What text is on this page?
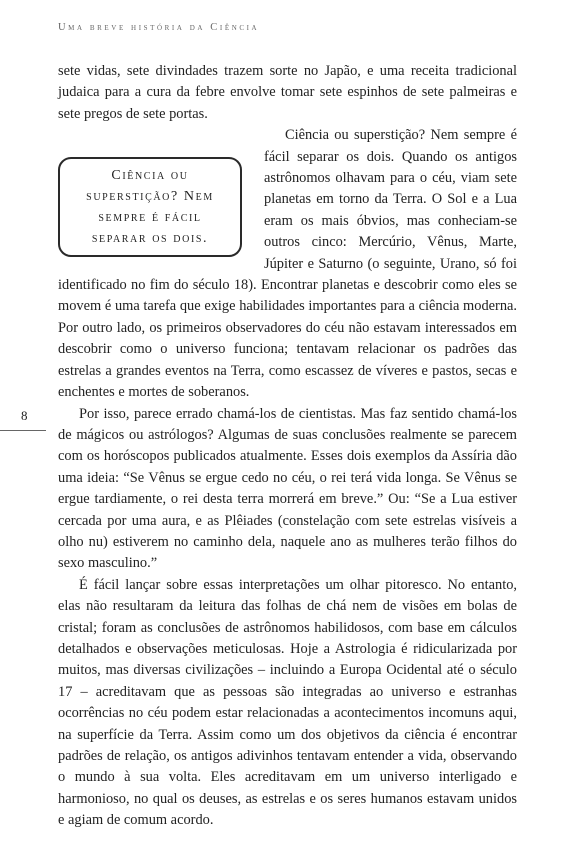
Uma breve história da Ciência
8

sete vidas, sete divindades trazem sorte no Japão, e uma receita tradicional judaica para a cura da febre envolve tomar sete espinhos de sete palmeiras e sete pregos de sete portas.

Ciência ou superstição? Nem sempre é fácil separar os dois.

Ciência ou superstição? Nem sempre é fácil separar os dois. Quando os antigos astrônomos olhavam para o céu, viam sete planetas em torno da Terra. O Sol e a Lua eram os mais óbvios, mas conheciam-se outros cinco: Mercúrio, Vênus, Marte, Júpiter e Saturno (o seguinte, Urano, só foi identificado no fim do século 18). Encontrar planetas e descobrir como eles se movem é uma tarefa que exige habilidades importantes para a ciência moderna. Por outro lado, os primeiros observadores do céu não estavam interessados em descobrir como o universo funciona; tentavam relacionar os padrões das estrelas a grandes eventos na Terra, como escassez de víveres e pastos, secas e enchentes e mortes de soberanos.

Por isso, parece errado chamá-los de cientistas. Mas faz sentido chamá-los de mágicos ou astrólogos? Algumas de suas conclusões realmente se parecem com os horóscopos publicados atualmente. Esses dois exemplos da Assíria dão uma ideia: “Se Vênus se ergue cedo no céu, o rei terá vida longa. Se Vênus se ergue tardiamente, o rei desta terra morrerá em breve.” Ou: “Se a Lua estiver cercada por uma aura, e as Plêiades (constelação com sete estrelas visíveis a olho nu) estiverem no caminho dela, naquele ano as mulheres terão filhos do sexo masculino.”

É fácil lançar sobre essas interpretações um olhar pitoresco. No entanto, elas não resultaram da leitura das folhas de chá nem de visões em bolas de cristal; foram as conclusões de astrônomos habilidosos, com base em cálculos detalhados e observações meticulosas. Hoje a Astrologia é ridicularizada por muitos, mas diversas civilizações – incluindo a Europa Ocidental até o século 17 – acreditavam que as pessoas são integradas ao universo e estranhas ocorrências no céu podem estar relacionadas a acontecimentos incomuns aqui, na superfície da Terra. Assim como um dos objetivos da ciência é encontrar padrões de relação, os antigos adivinhos tentavam entender a vida, observando o mundo à sua volta. Eles acreditavam em um universo interligado e harmonioso, no qual os deuses, as estrelas e os seres humanos estavam unidos e agiam de comum acordo.
